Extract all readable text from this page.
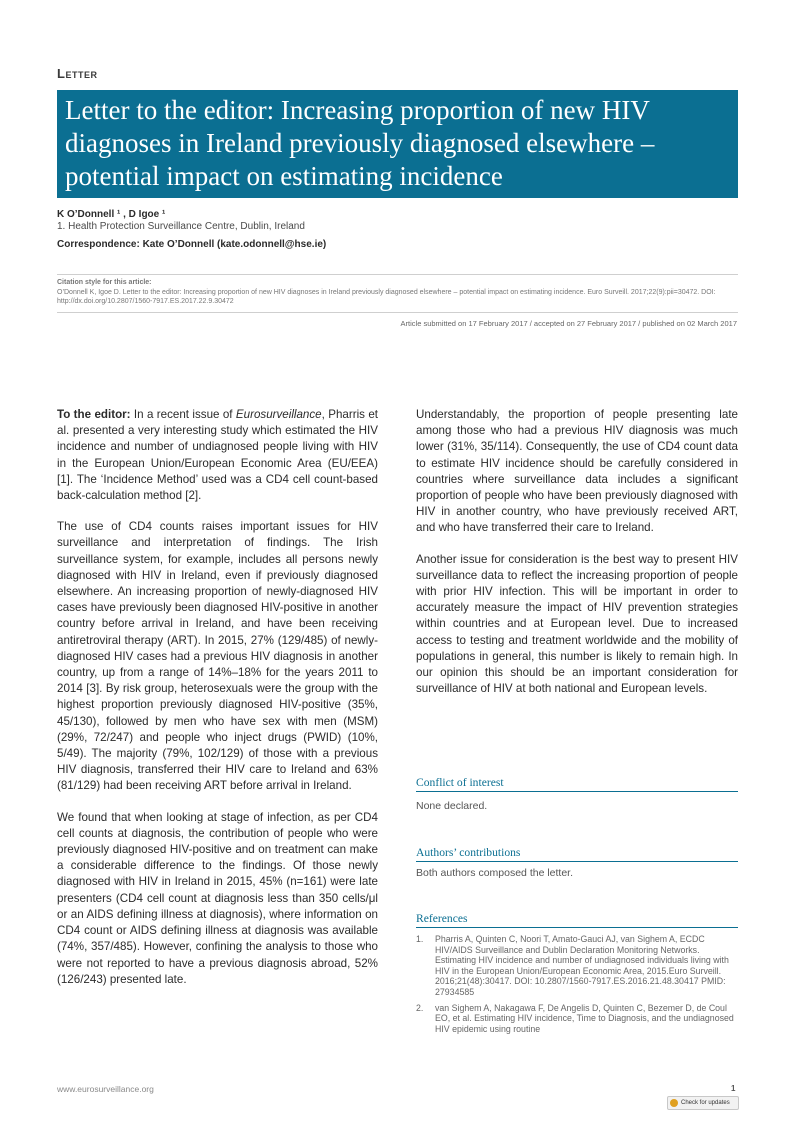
Letter
Letter to the editor: Increasing proportion of new HIV diagnoses in Ireland previously diagnosed elsewhere – potential impact on estimating incidence
K O’Donnell ¹ , D Igoe ¹
1. Health Protection Surveillance Centre, Dublin, Ireland
Correspondence: Kate O’Donnell (kate.odonnell@hse.ie)
Citation style for this article:
O’Donnell K, Igoe D. Letter to the editor: Increasing proportion of new HIV diagnoses in Ireland previously diagnosed elsewhere – potential impact on estimating incidence. Euro Surveill. 2017;22(9):pii=30472. DOI: http://dx.doi.org/10.2807/1560-7917.ES.2017.22.9.30472
Article submitted on 17 February 2017 / accepted on 27 February 2017 / published on 02 March 2017

To the editor: In a recent issue of Eurosurveillance, Pharris et al. presented a very interesting study which estimated the HIV incidence and number of undiagnosed people living with HIV in the European Union/European Economic Area (EU/EEA) [1]. The ‘Incidence Method’ used was a CD4 cell count-based back-calculation method [2].

The use of CD4 counts raises important issues for HIV surveillance and interpretation of findings. The Irish surveillance system, for example, includes all persons newly diagnosed with HIV in Ireland, even if previously diagnosed elsewhere. An increasing proportion of newly-diagnosed HIV cases have previously been diagnosed HIV-positive in another country before arrival in Ireland, and have been receiving antiretroviral therapy (ART). In 2015, 27% (129/485) of newly-diagnosed HIV cases had a previous HIV diagnosis in another country, up from a range of 14%–18% for the years 2011 to 2014 [3]. By risk group, heterosexuals were the group with the highest proportion previously diagnosed HIV-positive (35%, 45/130), followed by men who have sex with men (MSM) (29%, 72/247) and people who inject drugs (PWID) (10%, 5/49). The majority (79%, 102/129) of those with a previous HIV diagnosis, transferred their HIV care to Ireland and 63% (81/129) had been receiving ART before arrival in Ireland.

We found that when looking at stage of infection, as per CD4 cell counts at diagnosis, the contribution of people who were previously diagnosed HIV-positive and on treatment can make a considerable difference to the findings. Of those newly diagnosed with HIV in Ireland in 2015, 45% (n=161) were late presenters (CD4 cell count at diagnosis less than 350 cells/μl or an AIDS defining illness at diagnosis), where information on CD4 count or AIDS defining illness at diagnosis was available (74%, 357/485). However, confining the analysis to those who were not reported to have a previous diagnosis abroad, 52% (126/243) presented late.

Understandably, the proportion of people presenting late among those who had a previous HIV diagnosis was much lower (31%, 35/114). Consequently, the use of CD4 count data to estimate HIV incidence should be carefully considered in countries where surveillance data includes a significant proportion of people who have been previously diagnosed with HIV in another country, who have previously received ART, and who have transferred their care to Ireland.

Another issue for consideration is the best way to present HIV surveillance data to reflect the increasing proportion of people with prior HIV infection. This will be important in order to accurately measure the impact of HIV prevention strategies within countries and at European level. Due to increased access to testing and treatment worldwide and the mobility of populations in general, this number is likely to remain high. In our opinion this should be an important consideration for surveillance of HIV at both national and European levels.

Conflict of interest
None declared.
Authors’ contributions
Both authors composed the letter.
References
1.	Pharris A, Quinten C, Noori T, Amato-Gauci AJ, van Sighem A, ECDC HIV/AIDS Surveillance and Dublin Declaration Monitoring Networks. Estimating HIV incidence and number of undiagnosed individuals living with HIV in the European Union/European Economic Area, 2015.Euro Surveill. 2016;21(48):30417. DOI: 10.2807/1560-7917.ES.2016.21.48.30417 PMID: 27934585
2.	van Sighem A, Nakagawa F, De Angelis D, Quinten C, Bezemer D, de Coul EO, et al. Estimating HIV incidence, Time to Diagnosis, and the undiagnosed HIV epidemic using routine
www.eurosurveillance.org	1
Check for updates
